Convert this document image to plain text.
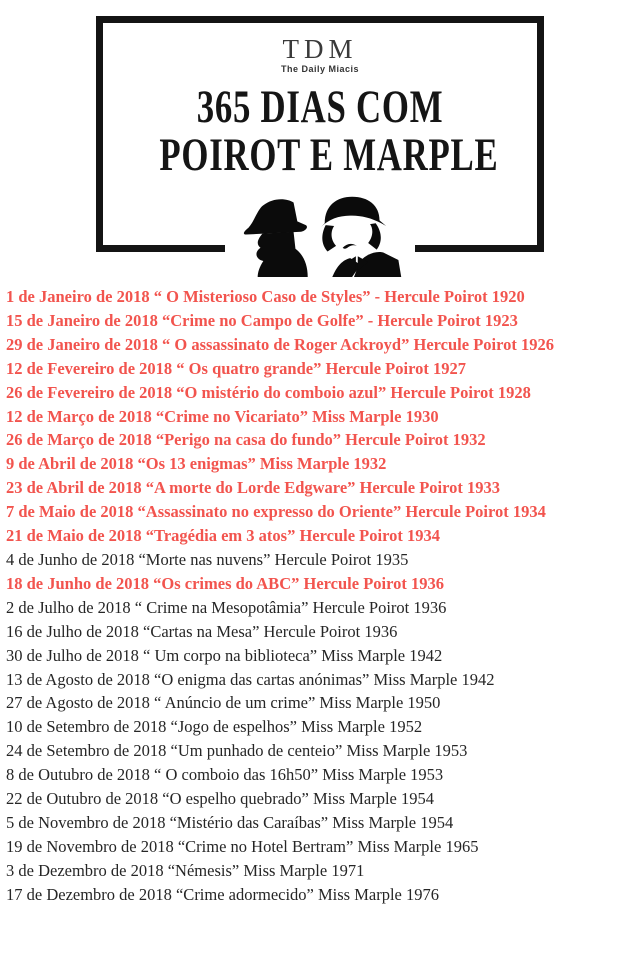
TDM
The Daily Miacis
365 DIAS COM
POIROT E MARPLE

1 de Janeiro de 2018 “ O Misterioso Caso de Styles” - Hercule Poirot 1920

15 de Janeiro de 2018 “Crime no Campo de Golfe” - Hercule Poirot 1923

29 de Janeiro de 2018 “ O assassinato de Roger Ackroyd” Hercule Poirot 1926

12 de Fevereiro de 2018 “ Os quatro grande” Hercule Poirot 1927

26 de Fevereiro de 2018 “O mistério do comboio azul” Hercule Poirot 1928

12 de Março de 2018 “Crime no Vicariato” Miss Marple 1930

26 de Março de 2018 “Perigo na casa do fundo” Hercule Poirot 1932

9 de Abril de 2018 “Os 13 enigmas” Miss Marple 1932

23 de Abril de 2018 “A morte do Lorde Edgware” Hercule Poirot 1933

7 de Maio de 2018 “Assassinato no expresso do Oriente” Hercule Poirot 1934

21 de Maio de 2018 “Tragédia em 3 atos” Hercule Poirot 1934

4 de Junho de 2018 “Morte nas nuvens” Hercule Poirot 1935

18 de Junho de 2018 “Os crimes do ABC” Hercule Poirot 1936

2 de Julho de 2018 “ Crime na Mesopotâmia” Hercule Poirot 1936

16 de Julho de 2018 “Cartas na Mesa” Hercule Poirot 1936

30 de Julho de 2018 “ Um corpo na biblioteca” Miss Marple 1942

13 de Agosto de 2018 “O enigma das cartas anónimas” Miss Marple 1942

27 de Agosto de 2018 “ Anúncio de um crime” Miss Marple 1950

10 de Setembro de 2018 “Jogo de espelhos” Miss Marple 1952

24 de Setembro de 2018 “Um punhado de centeio” Miss Marple 1953

8 de Outubro de 2018 “ O comboio das 16h50” Miss Marple 1953

22 de Outubro de 2018 “O espelho quebrado” Miss Marple 1954

5 de Novembro de 2018 “Mistério das Caraíbas” Miss Marple 1954

19 de Novembro de 2018 “Crime no Hotel Bertram” Miss Marple 1965

3 de Dezembro de 2018 “Némesis” Miss Marple 1971

17 de Dezembro de 2018 “Crime adormecido” Miss Marple 1976
